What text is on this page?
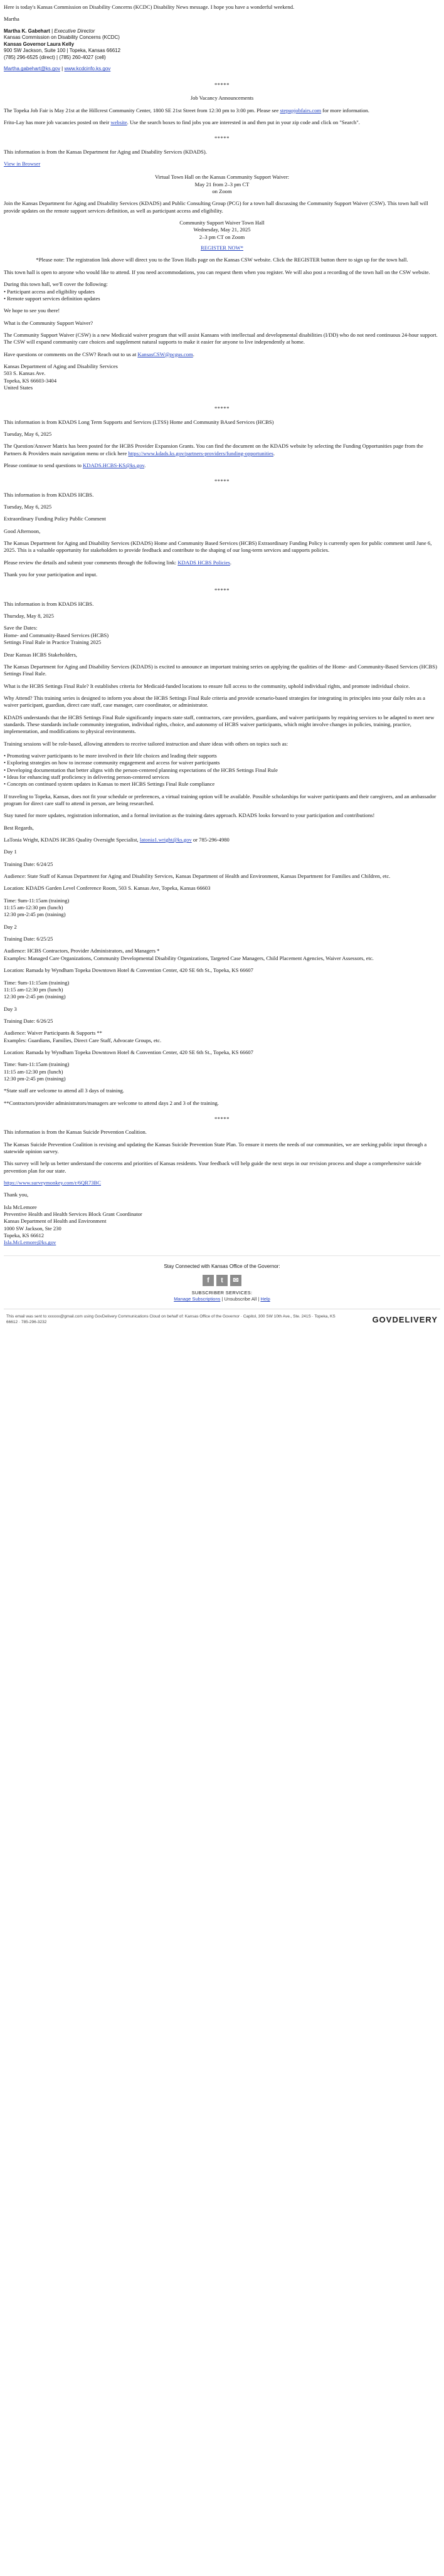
Here is today's Kansas Commission on Disability Concerns (KCDC) Disability News message. I hope you have a wonderful weekend.

Martha

Martha K. Gabehart | Executive Director

Kansas Commission on Disability Concerns (KCDC)

Kansas Governor Laura Kelly

900 SW Jackson, Suite 100 | Topeka, Kansas 66612

(785) 296-6525 (direct) | (785) 260-4027 (cell)

Martha.gabehart@ks.gov | www.kcdcinfo.ks.gov

*****

Job Vacancy Announcements

The Topeka Job Fair is May 21st at the Hillcrest Community Center, 1800 SE 21st Street from 12:30 pm to 3:00 pm. Please see stepupjobfairs.com for more information.

Frito-Lay has more job vacancies posted on their website. Use the search boxes to find jobs you are interested in and then put in your zip code and click on "Search".

*****

This information is from the Kansas Department for Aging and Disability Services (KDADS).

View in Browser

Virtual Town Hall on the Kansas Community Support Waiver:

May 21 from 2–3 pm CT

on Zoom

Join the Kansas Department for Aging and Disability Services (KDADS) and Public Consulting Group (PCG) for a town hall discussing the Community Support Waiver (CSW). This town hall will provide updates on the remote support services definition, as well as participant access and eligibility.

Community Support Waiver Town Hall

Wednesday, May 21, 2025

2–3 pm CT on Zoom

REGISTER NOW*

*Please note: The registration link above will direct you to the Town Halls page on the Kansas CSW website. Click the REGISTER button there to sign up for the town hall.

This town hall is open to anyone who would like to attend. If you need accommodations, you can request them when you register. We will also post a recording of the town hall on the CSW website.

During this town hall, we'll cover the following:

• Participant access and eligibility updates

• Remote support services definition updates

We hope to see you there!

What is the Community Support Waiver?

The Community Support Waiver (CSW) is a new Medicaid waiver program that will assist Kansans with intellectual and developmental disabilities (I/DD) who do not need continuous 24-hour support. The CSW will expand community care choices and supplement natural supports to make it easier for anyone to live independently at home.

Have questions or comments on the CSW? Reach out to us at KansasCSW@pcgus.com.

Kansas Department of Aging and Disability Services

503 S. Kansas Ave.

Topeka, KS 66603-3404

United States

*****

This information is from KDADS Long Term Supports and Services (LTSS) Home and Community BAsed Services (HCBS)

Tuesday, May 6, 2025

The Question/Answer Matrix has been posted for the HCBS Provider Expansion Grants. You can find the document on the KDADS website by selecting the Funding Opportunities page from the Partners & Providers main navigation menu or click here https://www.kdads.ks.gov/partners-providers/funding-opportunities.

Please continue to send questions to KDADS.HCBS-KS@ks.gov.

*****

This information is from KDADS HCBS.

Tuesday, May 6, 2025

Extraordinary Funding Policy Public Comment

Good Afternoon,

The Kansas Department for Aging and Disability Services (KDADS) Home and Community Based Services (HCBS) Extraordinary Funding Policy is currently open for public comment until June 6, 2025. This is a valuable opportunity for stakeholders to provide feedback and contribute to the shaping of our long-term services and supports policies.

Please review the details and submit your comments through the following link: KDADS HCBS Policies.

Thank you for your participation and input.

*****

This information is from KDADS HCBS.

Thursday, May 8, 2025

Save the Dates:

Home- and Community-Based Services (HCBS)

Settings Final Rule in Practice Training 2025

Dear Kansas HCBS Stakeholders,

The Kansas Department for Aging and Disability Services (KDADS) is excited to announce an important training series on applying the qualities of the Home- and Community-Based Services (HCBS) Settings Final Rule.

What is the HCBS Settings Final Rule? It establishes criteria for Medicaid-funded locations to ensure full access to the community, uphold individual rights, and promote individual choice.

Why Attend? This training series is designed to inform you about the HCBS Settings Final Rule criteria and provide scenario-based strategies for integrating its principles into your daily roles as a waiver participant, guardian, direct care staff, case manager, care coordinator, or administrator.

KDADS understands that the HCBS Settings Final Rule significantly impacts state staff, contractors, care providers, guardians, and waiver participants by requiring services to be adapted to meet new standards. These standards include community integration, individual rights, choice, and autonomy of HCBS waiver participants, which might involve changes in policies, training, practice, implementation, and modifications to physical environments.

Training sessions will be role-based, allowing attendees to receive tailored instruction and share ideas with others on topics such as:

• Promoting waiver participants to be more involved in their life choices and leading their supports

• Exploring strategies on how to increase community engagement and access for waiver participants

• Developing documentation that better aligns with the person-centered planning expectations of the HCBS Settings Final Rule

• Ideas for enhancing staff proficiency in delivering person-centered services

• Concepts on continued system updates in Kansas to meet HCBS Settings Final Rule compliance

If traveling to Topeka, Kansas, does not fit your schedule or preferences, a virtual training option will be available. Possible scholarships for waiver participants and their caregivers, and an ambassador program for direct care staff to attend in person, are being researched.

Stay tuned for more updates, registration information, and a formal invitation as the training dates approach. KDADS looks forward to your participation and contributions!

Best Regards,

LaTonia Wright, KDADS HCBS Quality Oversight Specialist, latonia1.wright@ks.gov or 785-296-4980

Day 1

Training Date: 6/24/25

Audience: State Staff of Kansas Department for Aging and Disability Services, Kansas Department of Health and Environment, Kansas Department for Families and Children, etc.

Location: KDADS Garden Level Conference Room, 503 S. Kansas Ave, Topeka, Kansas 66603

Time: 9am-11:15am (training)

11:15 am-12:30 pm (lunch)

12:30 pm-2:45 pm (training)

Day 2

Training Date: 6/25/25

Audience: HCBS Contractors, Provider Administrators, and Managers *

Examples: Managed Care Organizations, Community Developmental Disability Organizations, Targeted Case Managers, Child Placement Agencies, Waiver Assessors, etc.

Location: Ramada by Wyndham Topeka Downtown Hotel & Convention Center, 420 SE 6th St., Topeka, KS 66607

Time: 9am-11:15am (training)

11:15 am-12:30 pm (lunch)

12:30 pm-2:45 pm (training)

Day 3

Training Date: 6/26/25

Audience: Waiver Participants & Supports **

Examples: Guardians, Families, Direct Care Staff, Advocate Groups, etc.

Location: Ramada by Wyndham Topeka Downtown Hotel & Convention Center, 420 SE 6th St., Topeka, KS 66607

Time: 9am-11:15am (training)

11:15 am-12:30 pm (lunch)

12:30 pm-2:45 pm (training)

*State staff are welcome to attend all 3 days of training.

**Contractors/provider administrators/managers are welcome to attend days 2 and 3 of the training.

*****

This information is from the Kansas Suicide Prevention Coalition.

The Kansas Suicide Prevention Coalition is revising and updating the Kansas Suicide Prevention State Plan. To ensure it meets the needs of our communities, we are seeking public input through a statewide opinion survey.

This survey will help us better understand the concerns and priorities of Kansas residents. Your feedback will help guide the next steps in our revision process and shape a comprehensive suicide prevention plan for our state.

https://www.surveymonkey.com/r/6QR73BC

Thank you,

Isla McLemore

Preventive Health and Health Services Block Grant Coordinator

Kansas Department of Health and Environment

1000 SW Jackson, Ste 230

Topeka, KS 66612

Isla.McLemore@ks.gov

Stay Connected with Kansas Office of the Governor:

f	t	✉
SUBSCRIBER SERVICES:
Manage Subscriptions | Unsubscribe All | Help
This email was sent to xxxxxx@gmail.com using GovDelivery Communications Cloud on behalf of: Kansas Office of the Governor · Capitol, 300 SW 10th Ave., Ste. 241S · Topeka, KS 66612 · 785-296-3232	GOVDELIVERY
